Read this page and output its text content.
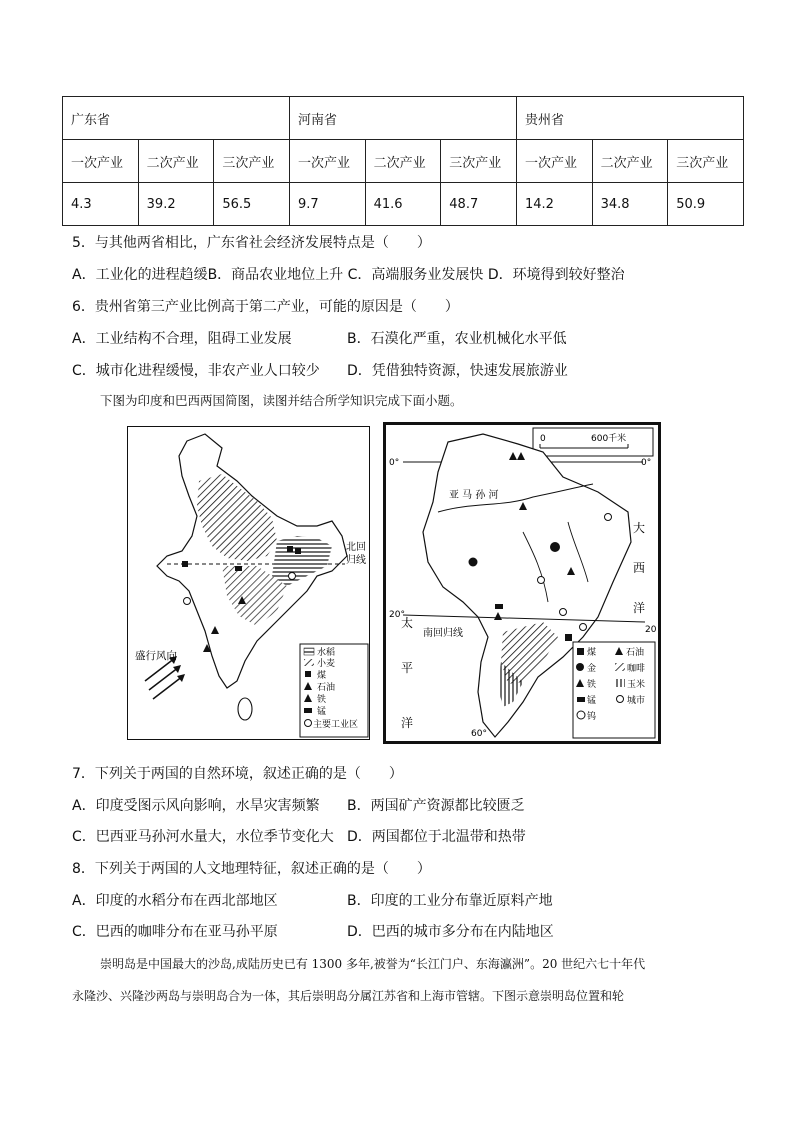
广东省			河南省			贵州省		
一次产业	二次产业	三次产业	一次产业	二次产业	三次产业	一次产业	二次产业	三次产业
4.3	39.2	56.5	9.7	41.6	48.7	14.2	34.8	50.9
5．与其他两省相比，广东省社会经济发展特点是（　　）
A．工业化的进程趋缓B．商品农业地位上升 C．高端服务业发展快 D．环境得到较好整治
6．贵州省第三产业比例高于第二产业，可能的原因是（　　）
A．工业结构不合理，阻碍工业发展	B．石漠化严重，农业机械化水平低
C．城市化进程缓慢，非农产业人口较少 D．凭借独特资源，快速发展旅游业
下图为印度和巴西两国简图，读图并结合所学知识完成下面小题。
北回
归线
盛行风向	水稻
小麦
煤
石油
铁
锰
主要工业区
0	600千米
0°	0°
亚 马 孙 河
大
西
洋
太
平
洋
20°
20
南回归线
60°
煤	石油
金	咖啡
铁	玉米
锰	城市
钨
7．下列关于两国的自然环境，叙述正确的是（　　）
A．印度受图示风向影响，水旱灾害频繁 B．两国矿产资源都比较匮乏
C．巴西亚马孙河水量大，水位季节变化大 D．两国都位于北温带和热带
8．下列关于两国的人文地理特征，叙述正确的是（　　）
A．印度的水稻分布在西北部地区	B．印度的工业分布靠近原料产地
C．巴西的咖啡分布在亚马孙平原	D．巴西的城市多分布在内陆地区
崇明岛是中国最大的沙岛,成陆历史已有 1300 多年,被誉为“长江门户、东海瀛洲”。20 世纪六七十年代
永隆沙、兴隆沙两岛与崇明岛合为一体，其后崇明岛分属江苏省和上海市管辖。下图示意崇明岛位置和轮
